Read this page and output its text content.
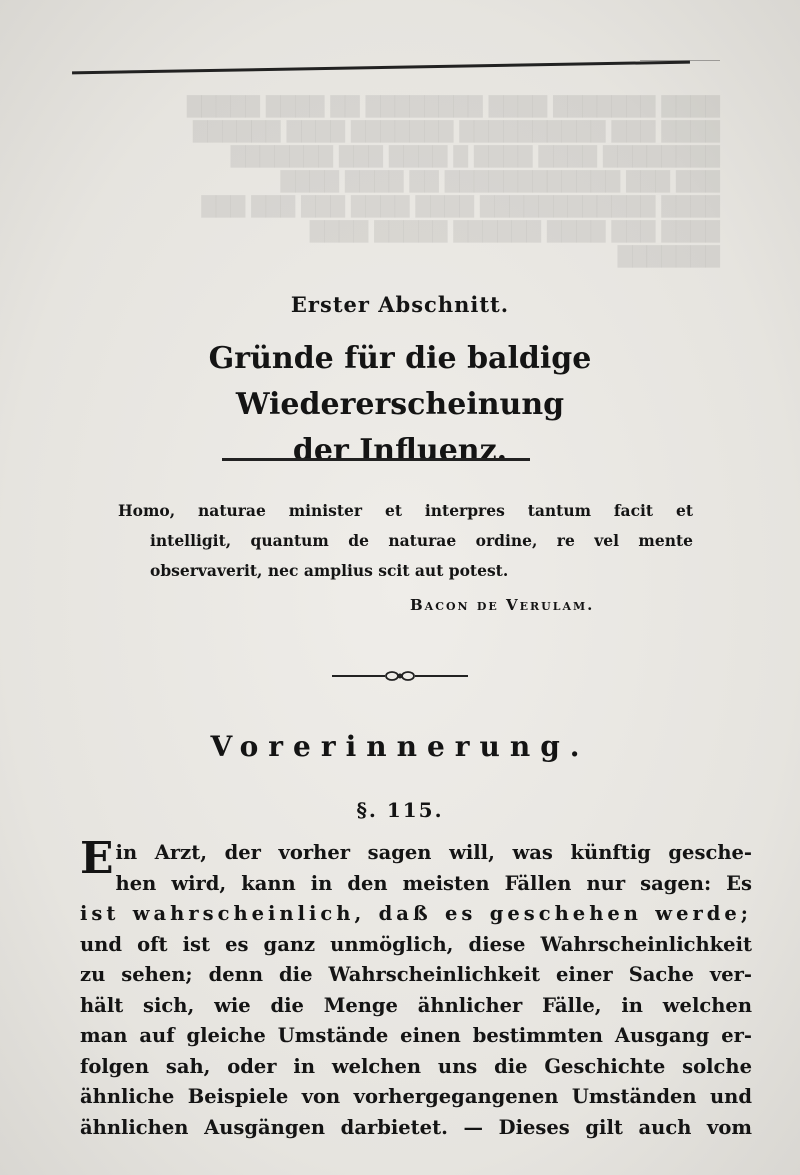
████ ███████ ████ ████████ ██ ████ █████
████ ███ ██████████ ███████ ████ ██████
████████ ████ ████ █ ████ ███ ███████
███ ███ ████████████ ██ ████ ████
████ ████████████ ████ ████ ███ ███ ███
████ ███ ████ ██████ █████ ████
███████
Erster Abschnitt.
Gründe für die baldige Wiedererscheinung
der Influenz.
Homo, naturae minister et interpres tantum facit et
intelligit, quantum de naturae ordine, re vel mente
observaverit, nec amplius scit aut potest.
Bacon de Verulam.
Vorerinnerung.
§. 115.
Ein Arzt, der vorher sagen will, was künftig gesche-
hen wird, kann in den meisten Fällen nur sagen: Es
ist wahrscheinlich, daß es geschehen werde;
und oft ist es ganz unmöglich, diese Wahrscheinlichkeit
zu sehen; denn die Wahrscheinlichkeit einer Sache ver-
hält sich, wie die Menge ähnlicher Fälle, in welchen
man auf gleiche Umstände einen bestimmten Ausgang er-
folgen sah, oder in welchen uns die Geschichte solche
ähnliche Beispiele von vorhergegangenen Umständen und
ähnlichen Ausgängen darbietet. — Dieses gilt auch vom
